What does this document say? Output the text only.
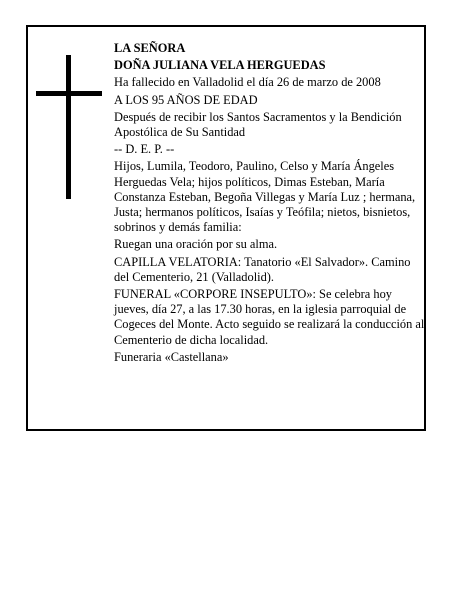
LA SEÑORA

DOÑA JULIANA VELA HERGUEDAS

Ha fallecido en Valladolid el día 26 de marzo de 2008

A LOS 95 AÑOS DE EDAD

Después de recibir los Santos Sacramentos y la Bendición Apostólica de Su Santidad

-- D. E. P. --

Hijos, Lumila, Teodoro, Paulino, Celso y María Ángeles Herguedas Vela; hijos políticos, Dimas Esteban, María Constanza Esteban, Begoña Villegas y María Luz ; hermana, Justa; hermanos políticos, Isaías y Teófila; nietos, bisnietos, sobrinos y demás familia:

Ruegan una oración por su alma.

CAPILLA VELATORIA: Tanatorio «El Salvador». Camino del Cementerio, 21 (Valladolid).

FUNERAL «CORPORE INSEPULTO»: Se celebra hoy jueves, día 27, a las 17.30 horas, en la iglesia parroquial de Cogeces del Monte. Acto seguido se realizará la conducción al Cementerio de dicha localidad.

Funeraria «Castellana»
